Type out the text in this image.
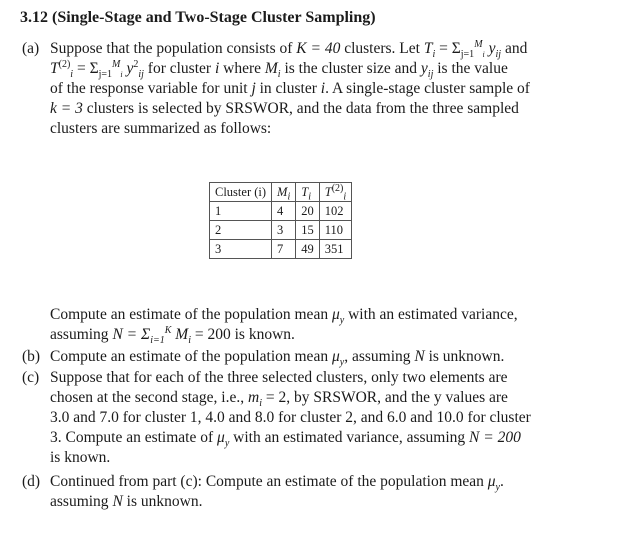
3.12 (Single-Stage and Two-Stage Cluster Sampling)
(a) Suppose that the population consists of K = 40 clusters. Let $T_i = \Sigma_{j=1}^M_i$ $y_{ij}$ and
$T^{(2)}_i = \Sigma_{j=1}^M_i$ $y^2_{ij}$ for cluster i where $M_i$ is the cluster size and $y_{ij}$ is the value
of the response variable for unit j in cluster i. A single-stage cluster sample of
k = 3 clusters is selected by SRSWOR, and the data from the three sampled
clusters are summarized as follows:
Cluster (i)	$M_i$	$T_i$	$T^{(2)}_i$
1	4	20	102
2	3	15	110
3	7	49	351
Compute an estimate of the population mean $\mu_y$ with an estimated variance,
assuming $N = \Sigma_{i=1}^K$ $M_i = 200$ is known.
(b) Compute an estimate of the population mean $\mu_y$, assuming N is unknown.
(c) Suppose that for each of the three selected clusters, only two elements are
chosen at the second stage, i.e., $m_i = 2$, by SRSWOR, and the y values are
3.0 and 7.0 for cluster 1, 4.0 and 8.0 for cluster 2, and 6.0 and 10.0 for cluster
3. Compute an estimate of $\mu_y$ with an estimated variance, assuming N = 200
is known.
(d) Continued from part (c): Compute an estimate of the population mean $\mu_y$.
assuming N is unknown.
